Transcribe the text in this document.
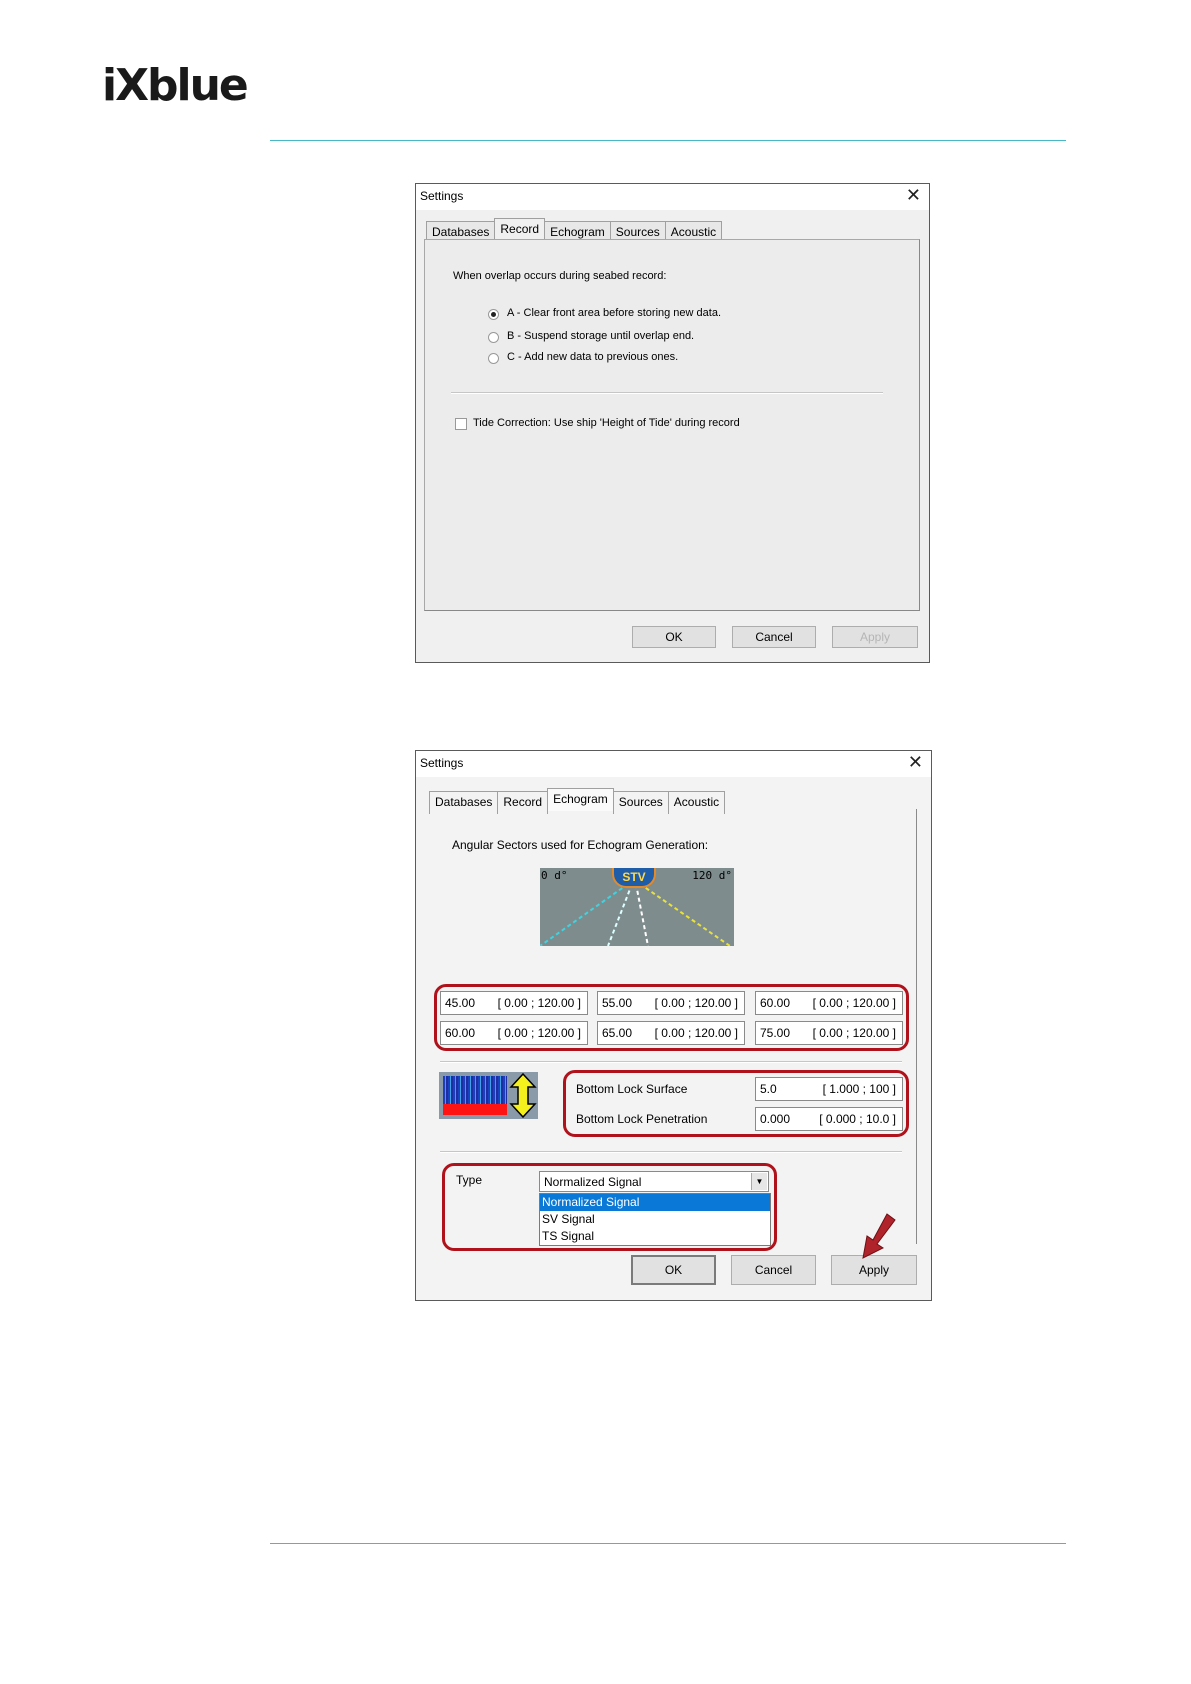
iXblue
Settings	✕
Databases Record Echogram Sources Acoustic
When overlap occurs during seabed record:
A - Clear front area before storing new data.
B - Suspend storage until overlap end.
C - Add new data to previous ones.
Tide Correction: Use ship 'Height of Tide' during record
OK	Cancel	Apply
Settings	✕
Databases Record Echogram Sources Acoustic
Angular Sectors used for Echogram Generation:
0 d°	120 d°
STV
45.00 [ 0.00 ; 120.00 ] 55.00 [ 0.00 ; 120.00 ] 60.00 [ 0.00 ; 120.00 ]
60.00 [ 0.00 ; 120.00 ] 65.00 [ 0.00 ; 120.00 ] 75.00 [ 0.00 ; 120.00 ]
Bottom Lock Surface	5.0	[ 1.000 ; 100 ]
Bottom Lock Penetration	0.000 [ 0.000 ; 10.0 ]
Type	Normalized Signal	▼
Normalized Signal
SV Signal
TS Signal
OK	Cancel	Apply
